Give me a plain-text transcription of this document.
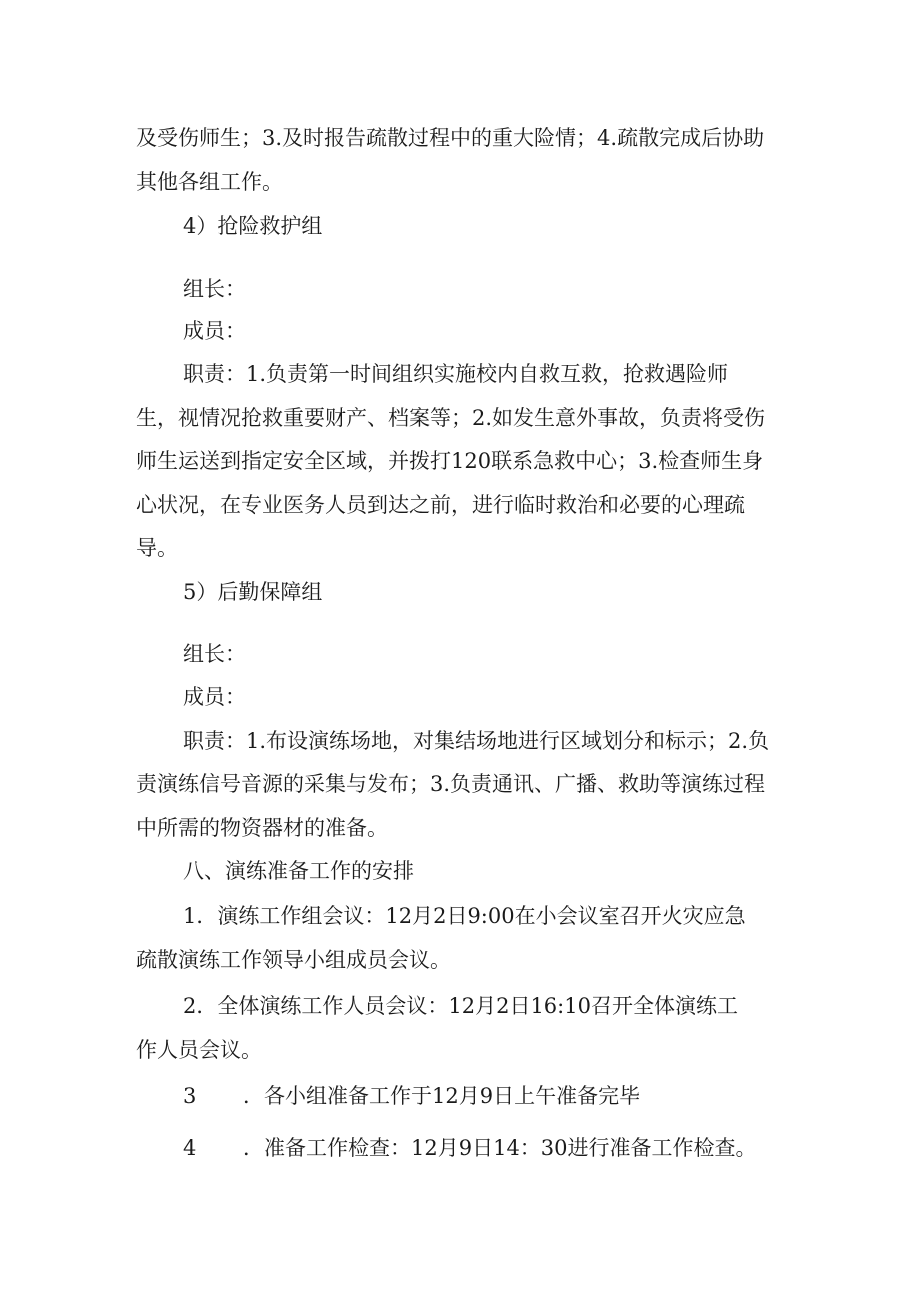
及受伤师生；3.及时报告疏散过程中的重大险情；4.疏散完成后协助
其他各组工作。
4）抢险救护组
组长：
成员：
职责：1.负责第一时间组织实施校内自救互救，抢救遇险师
生，视情况抢救重要财产、档案等；2.如发生意外事故，负责将受伤
师生运送到指定安全区域，并拨打120联系急救中心；3.检查师生身
心状况，在专业医务人员到达之前，进行临时救治和必要的心理疏
导。
5）后勤保障组
组长：
成员：
职责：1.布设演练场地，对集结场地进行区域划分和标示；2.负
责演练信号音源的采集与发布；3.负责通讯、广播、救助等演练过程
中所需的物资器材的准备。
八、演练准备工作的安排
1．演练工作组会议：12月2日9:00在小会议室召开火灾应急
疏散演练工作领导小组成员会议。
2．全体演练工作人员会议：12月2日16:10召开全体演练工
作人员会议。
3 ．各小组准备工作于12月9日上午准备完毕
4 ．准备工作检查：12月9日14：30进行准备工作检查。
